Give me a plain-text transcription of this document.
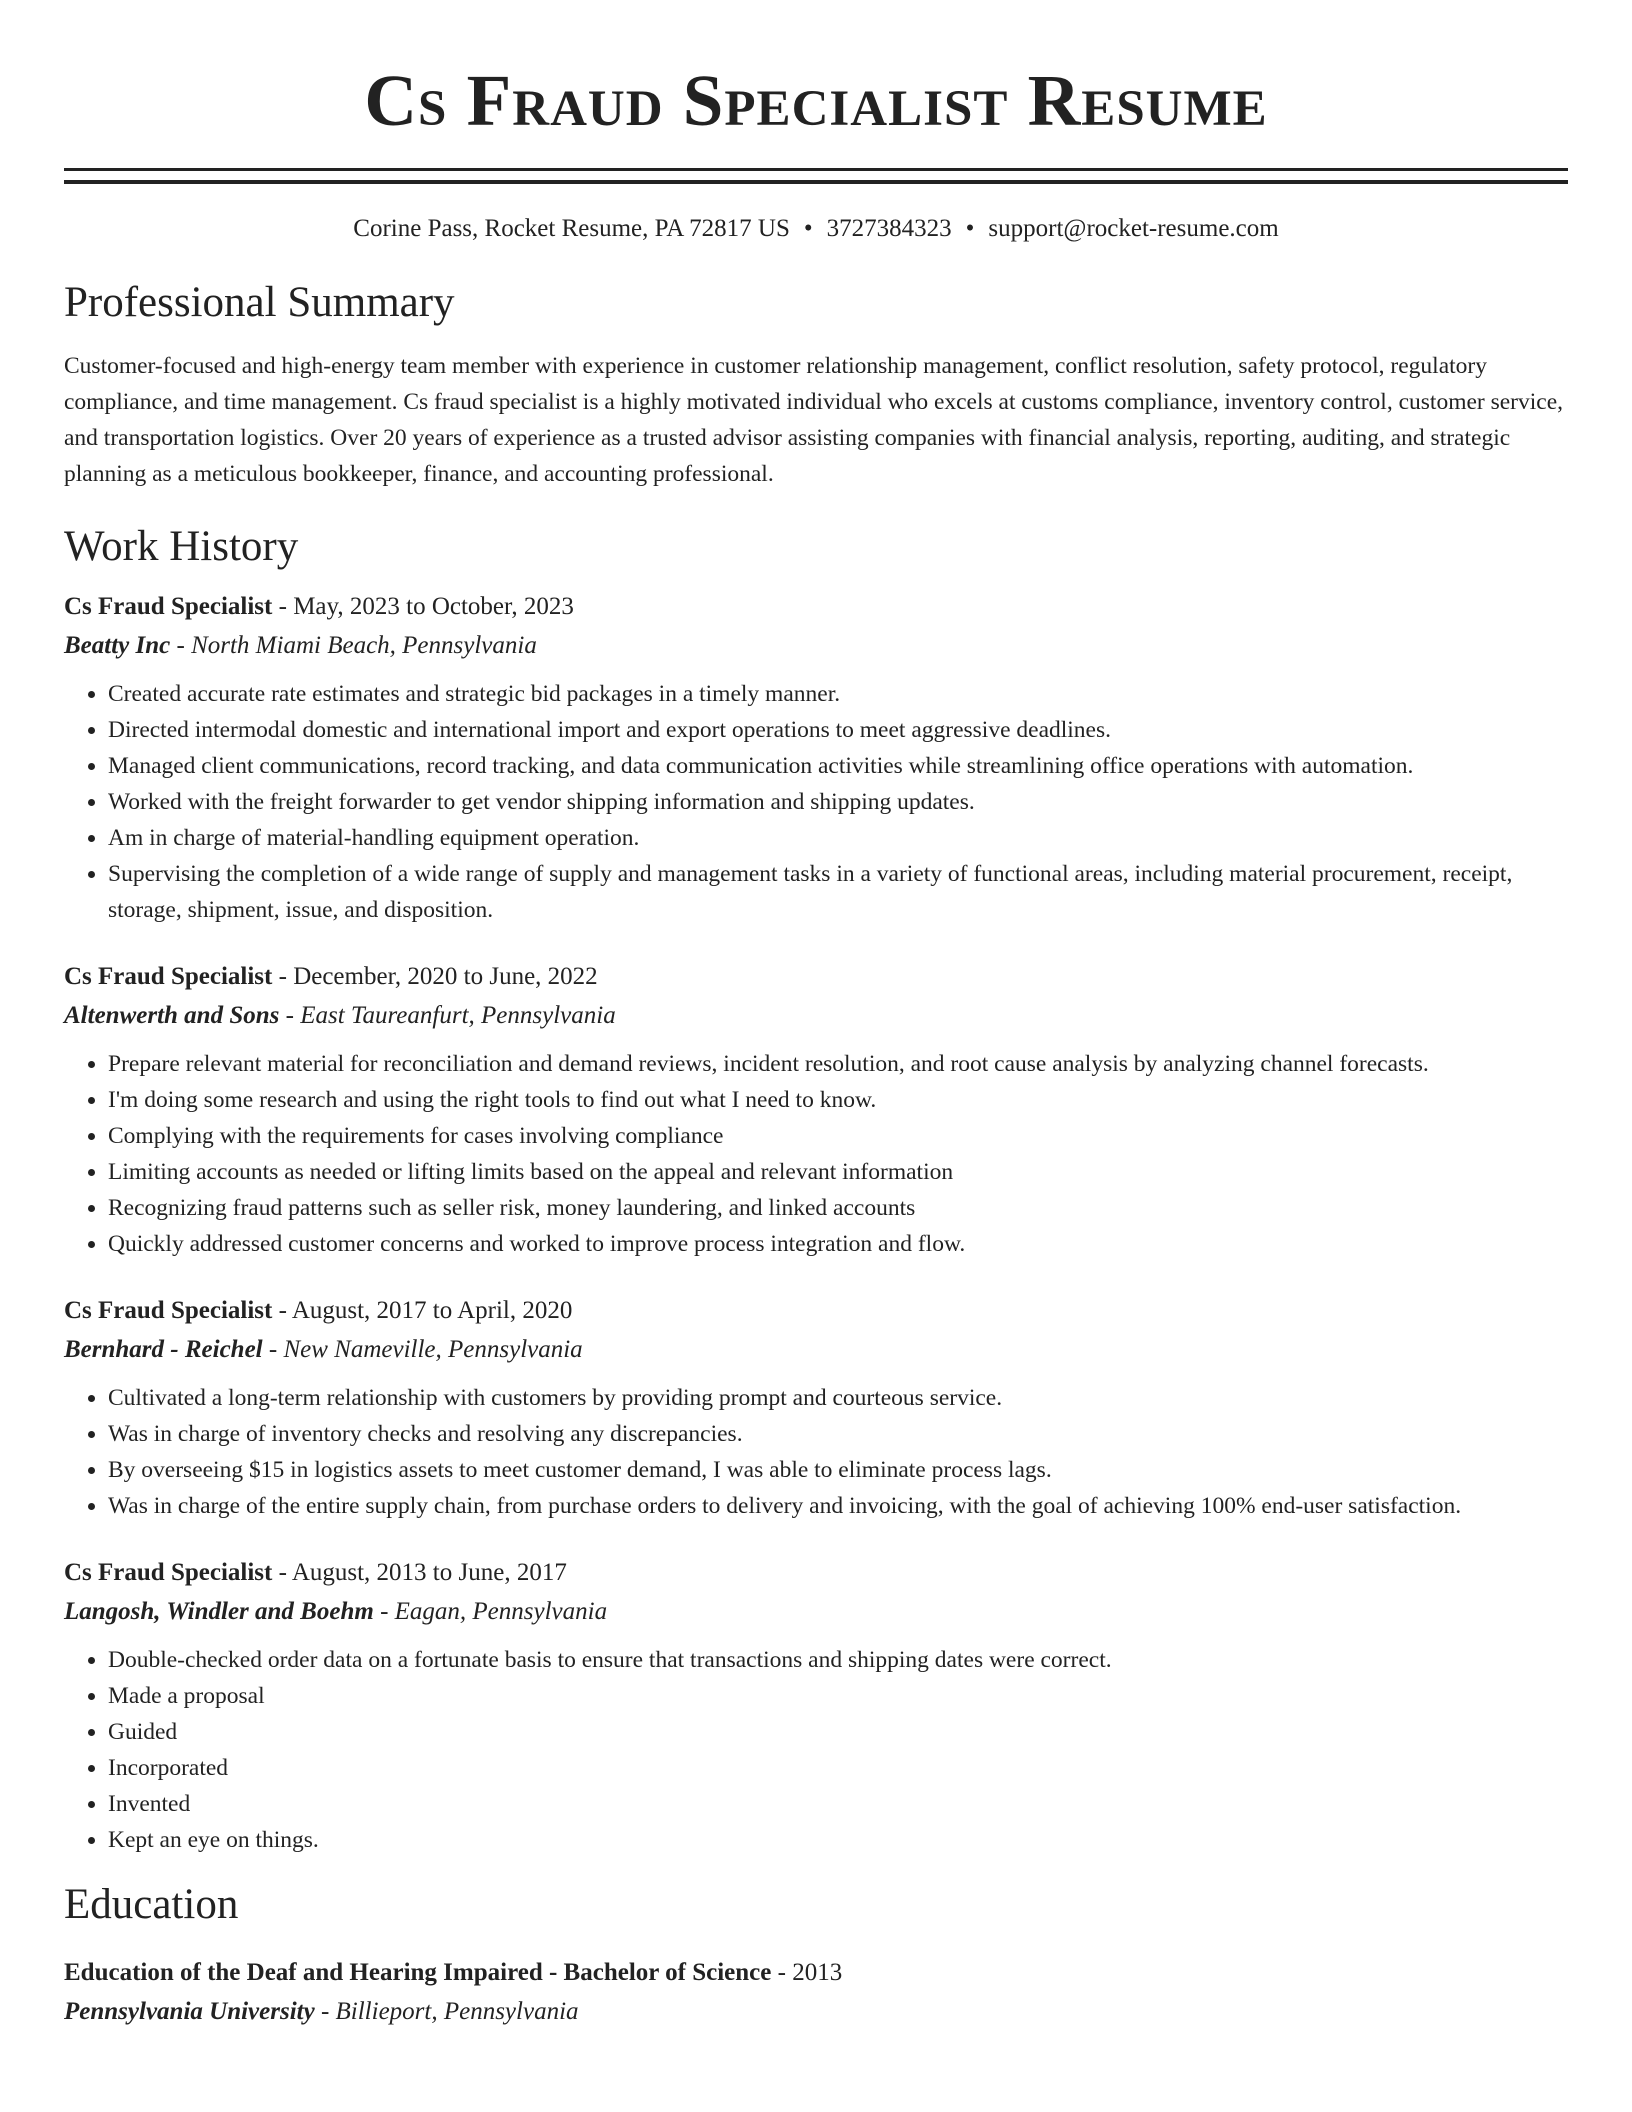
Cs Fraud Specialist Resume
Corine Pass, Rocket Resume, PA 72817 US • 3727384323 • support@rocket-resume.com
Professional Summary

Customer-focused and high-energy team member with experience in customer relationship management, conflict resolution, safety protocol, regulatory compliance, and time management. Cs fraud specialist is a highly motivated individual who excels at customs compliance, inventory control, customer service, and transportation logistics. Over 20 years of experience as a trusted advisor assisting companies with financial analysis, reporting, auditing, and strategic planning as a meticulous bookkeeper, finance, and accounting professional.

Work History
Cs Fraud Specialist - May, 2023 to October, 2023
Beatty Inc - North Miami Beach, Pennsylvania
• Created accurate rate estimates and strategic bid packages in a timely manner.
• Directed intermodal domestic and international import and export operations to meet aggressive deadlines.
• Managed client communications, record tracking, and data communication activities while streamlining office operations with automation.
• Worked with the freight forwarder to get vendor shipping information and shipping updates.
• Am in charge of material-handling equipment operation.
• Supervising the completion of a wide range of supply and management tasks in a variety of functional areas, including material procurement, receipt, storage, shipment, issue, and disposition.
Cs Fraud Specialist - December, 2020 to June, 2022
Altenwerth and Sons - East Taureanfurt, Pennsylvania
• Prepare relevant material for reconciliation and demand reviews, incident resolution, and root cause analysis by analyzing channel forecasts.
• I'm doing some research and using the right tools to find out what I need to know.
• Complying with the requirements for cases involving compliance
• Limiting accounts as needed or lifting limits based on the appeal and relevant information
• Recognizing fraud patterns such as seller risk, money laundering, and linked accounts
• Quickly addressed customer concerns and worked to improve process integration and flow.
Cs Fraud Specialist - August, 2017 to April, 2020
Bernhard - Reichel - New Nameville, Pennsylvania
• Cultivated a long-term relationship with customers by providing prompt and courteous service.
• Was in charge of inventory checks and resolving any discrepancies.
• By overseeing $15 in logistics assets to meet customer demand, I was able to eliminate process lags.
• Was in charge of the entire supply chain, from purchase orders to delivery and invoicing, with the goal of achieving 100% end-user satisfaction.
Cs Fraud Specialist - August, 2013 to June, 2017
Langosh, Windler and Boehm - Eagan, Pennsylvania
• Double-checked order data on a fortunate basis to ensure that transactions and shipping dates were correct.
• Made a proposal
• Guided
• Incorporated
• Invented
• Kept an eye on things.
Education
Education of the Deaf and Hearing Impaired - Bachelor of Science - 2013
Pennsylvania University - Billieport, Pennsylvania
